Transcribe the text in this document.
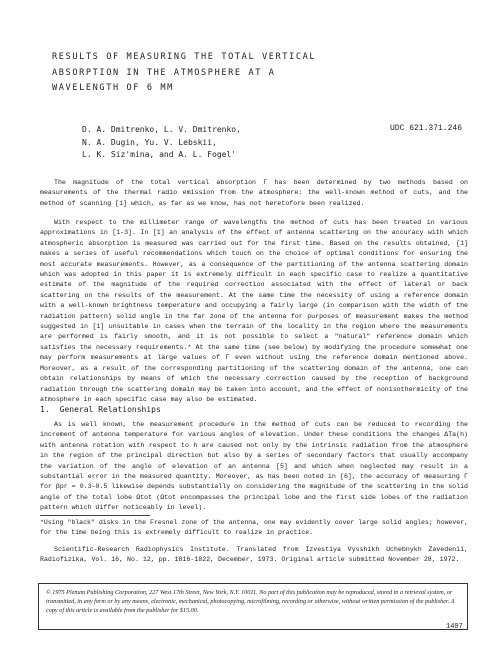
RESULTS OF MEASURING THE TOTAL VERTICAL
ABSORPTION IN THE ATMOSPHERE AT A
WAVELENGTH OF 6 MM
D. A. Dmitrenko, L. V. Dmitrenko,
N. A. Dugin, Yu. V. Lebskii,
L. K. Siz'mina, and A. L. Fogel'
UDC 621.371.246
The magnitude of the total vertical absorption Γ has been determined by two methods based on measurements of the thermal radio emission from the atmosphere: the well-known method of cuts, and the method of scanning [1] which, as far as we know, has not heretofore been realized.
With respect to the millimeter range of wavelengths the method of cuts has been treated in various approximations in [1-3]. In [1] an analysis of the effect of antenna scattering on the accuracy with which atmospheric absorption is measured was carried out for the first time. Based on the results obtained, [1] makes a series of useful recommendations which touch on the choice of optimal conditions for ensuring the most accurate measurements. However, as a consequence of the partitioning of the antenna scattering domain which was adopted in this paper it is extremely difficult in each specific case to realize a quantitative estimate of the magnitude of the required correction associated with the effect of lateral or back scattering on the results of the measurement. At the same time the necessity of using a reference domain with a well-known brightness temperature and occupying a fairly large (in comparison with the width of the radiation pattern) solid angle in the far zone of the antenna for purposes of measurement makes the method suggested in [1] unsuitable in cases when the terrain of the locality in the region where the measurements are performed is fairly smooth, and it is not possible to select a "natural" reference domain which satisfies the necessary requirements.* At the same time (see below) by modifying the procedure somewhat one may perform measurements at large values of Γ even without using the reference domain mentioned above. Moreover, as a result of the corresponding partitioning of the scattering domain of the antenna, one can obtain relationships by means of which the necessary correction caused by the reception of background radiation through the scattering domain may be taken into account, and the effect of nonisothermicity of the atmosphere in each specific case may also be estimated.
1. General Relationships
As is well known, the measurement procedure in the method of cuts can be reduced to recording the increment of antenna temperature for various angles of elevation. Under these conditions the changes ΔTa(h) with antenna rotation with respect to h are caused not only by the intrinsic radiation from the atmosphere in the region of the principal direction but also by a series of secondary factors that usually accompany the variation of the angle of elevation of an antenna [5] and which when neglected may result in a substantial error in the measured quantity. Moreover, as has been noted in [6], the accuracy of measuring Γ for βpr = 0.3–0.5 likewise depends substantially on considering the magnitude of the scattering in the solid angle of the total lobe Ωtot (Ωtot encompasses the principal lobe and the first side lobes of the radiation pattern which differ noticeably in level).
*Using "black" disks in the Fresnel zone of the antenna, one may evidently cover large solid angles; however, for the time being this is extremely difficult to realize in practice.
Scientific-Research Radiophysics Institute. Translated from Izvestiya Vysshikh Uchebnykh Zavedenii, Radiofizika, Vol. 16, No. 12, pp. 1816-1822, December, 1973. Original article submitted November 28, 1972.
© 1975 Plenum Publishing Corporation, 227 West 17th Street, New York, N.Y. 10011. No part of this publication may be reproduced, stored in a retrieval system, or transmitted, in any form or by any means, electronic, mechanical, photocopying, microfilming, recording or otherwise, without written permission of the publisher. A copy of this article is available from the publisher for $15.00.
1407
